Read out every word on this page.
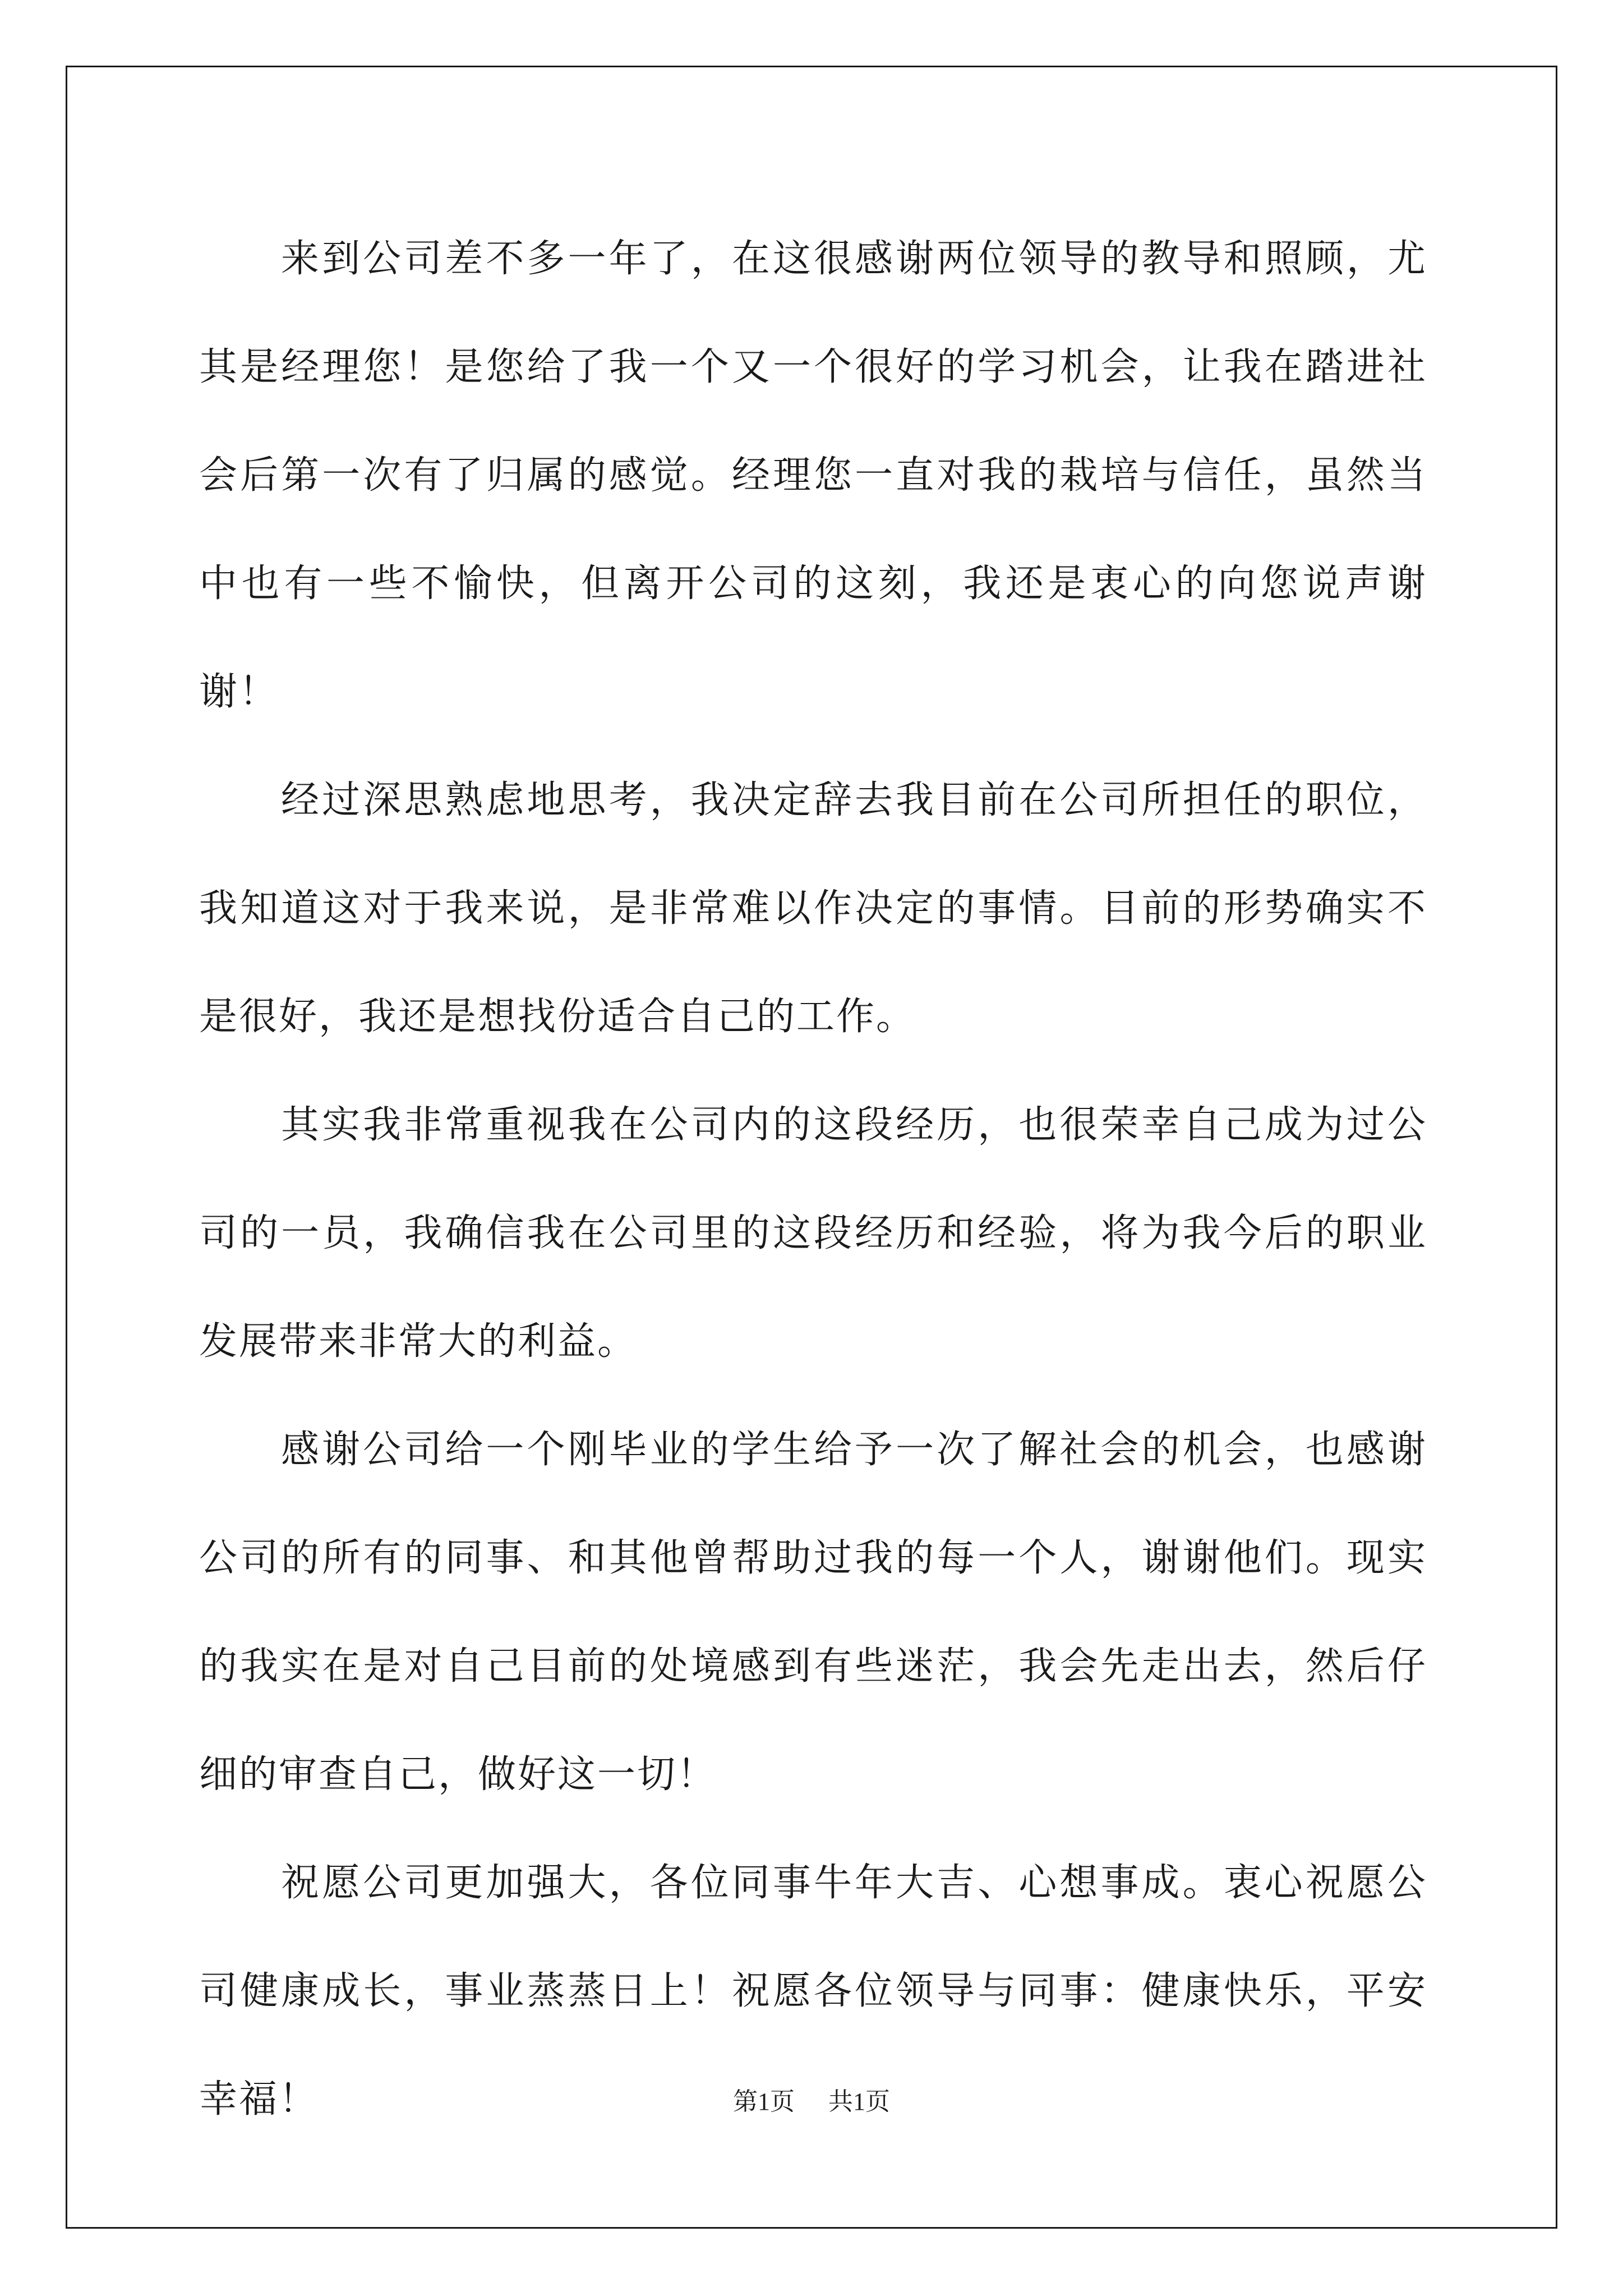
来到公司差不多一年了，在这很感谢两位领导的教导和照顾，尤其是经理您！是您给了我一个又一个很好的学习机会，让我在踏进社会后第一次有了归属的感觉。经理您一直对我的栽培与信任，虽然当中也有一些不愉快，但离开公司的这刻，我还是衷心的向您说声谢谢！

经过深思熟虑地思考，我决定辞去我目前在公司所担任的职位，我知道这对于我来说，是非常难以作决定的事情。目前的形势确实不是很好，我还是想找份适合自己的工作。

其实我非常重视我在公司内的这段经历，也很荣幸自己成为过公司的一员，我确信我在公司里的这段经历和经验，将为我今后的职业发展带来非常大的利益。

感谢公司给一个刚毕业的学生给予一次了解社会的机会，也感谢公司的所有的同事、和其他曾帮助过我的每一个人，谢谢他们。现实的我实在是对自己目前的处境感到有些迷茫，我会先走出去，然后仔细的审查自己，做好这一切！

祝愿公司更加强大，各位同事牛年大吉、心想事成。衷心祝愿公司健康成长，事业蒸蒸日上！祝愿各位领导与同事：健康快乐，平安幸福！	第1页 共1页
